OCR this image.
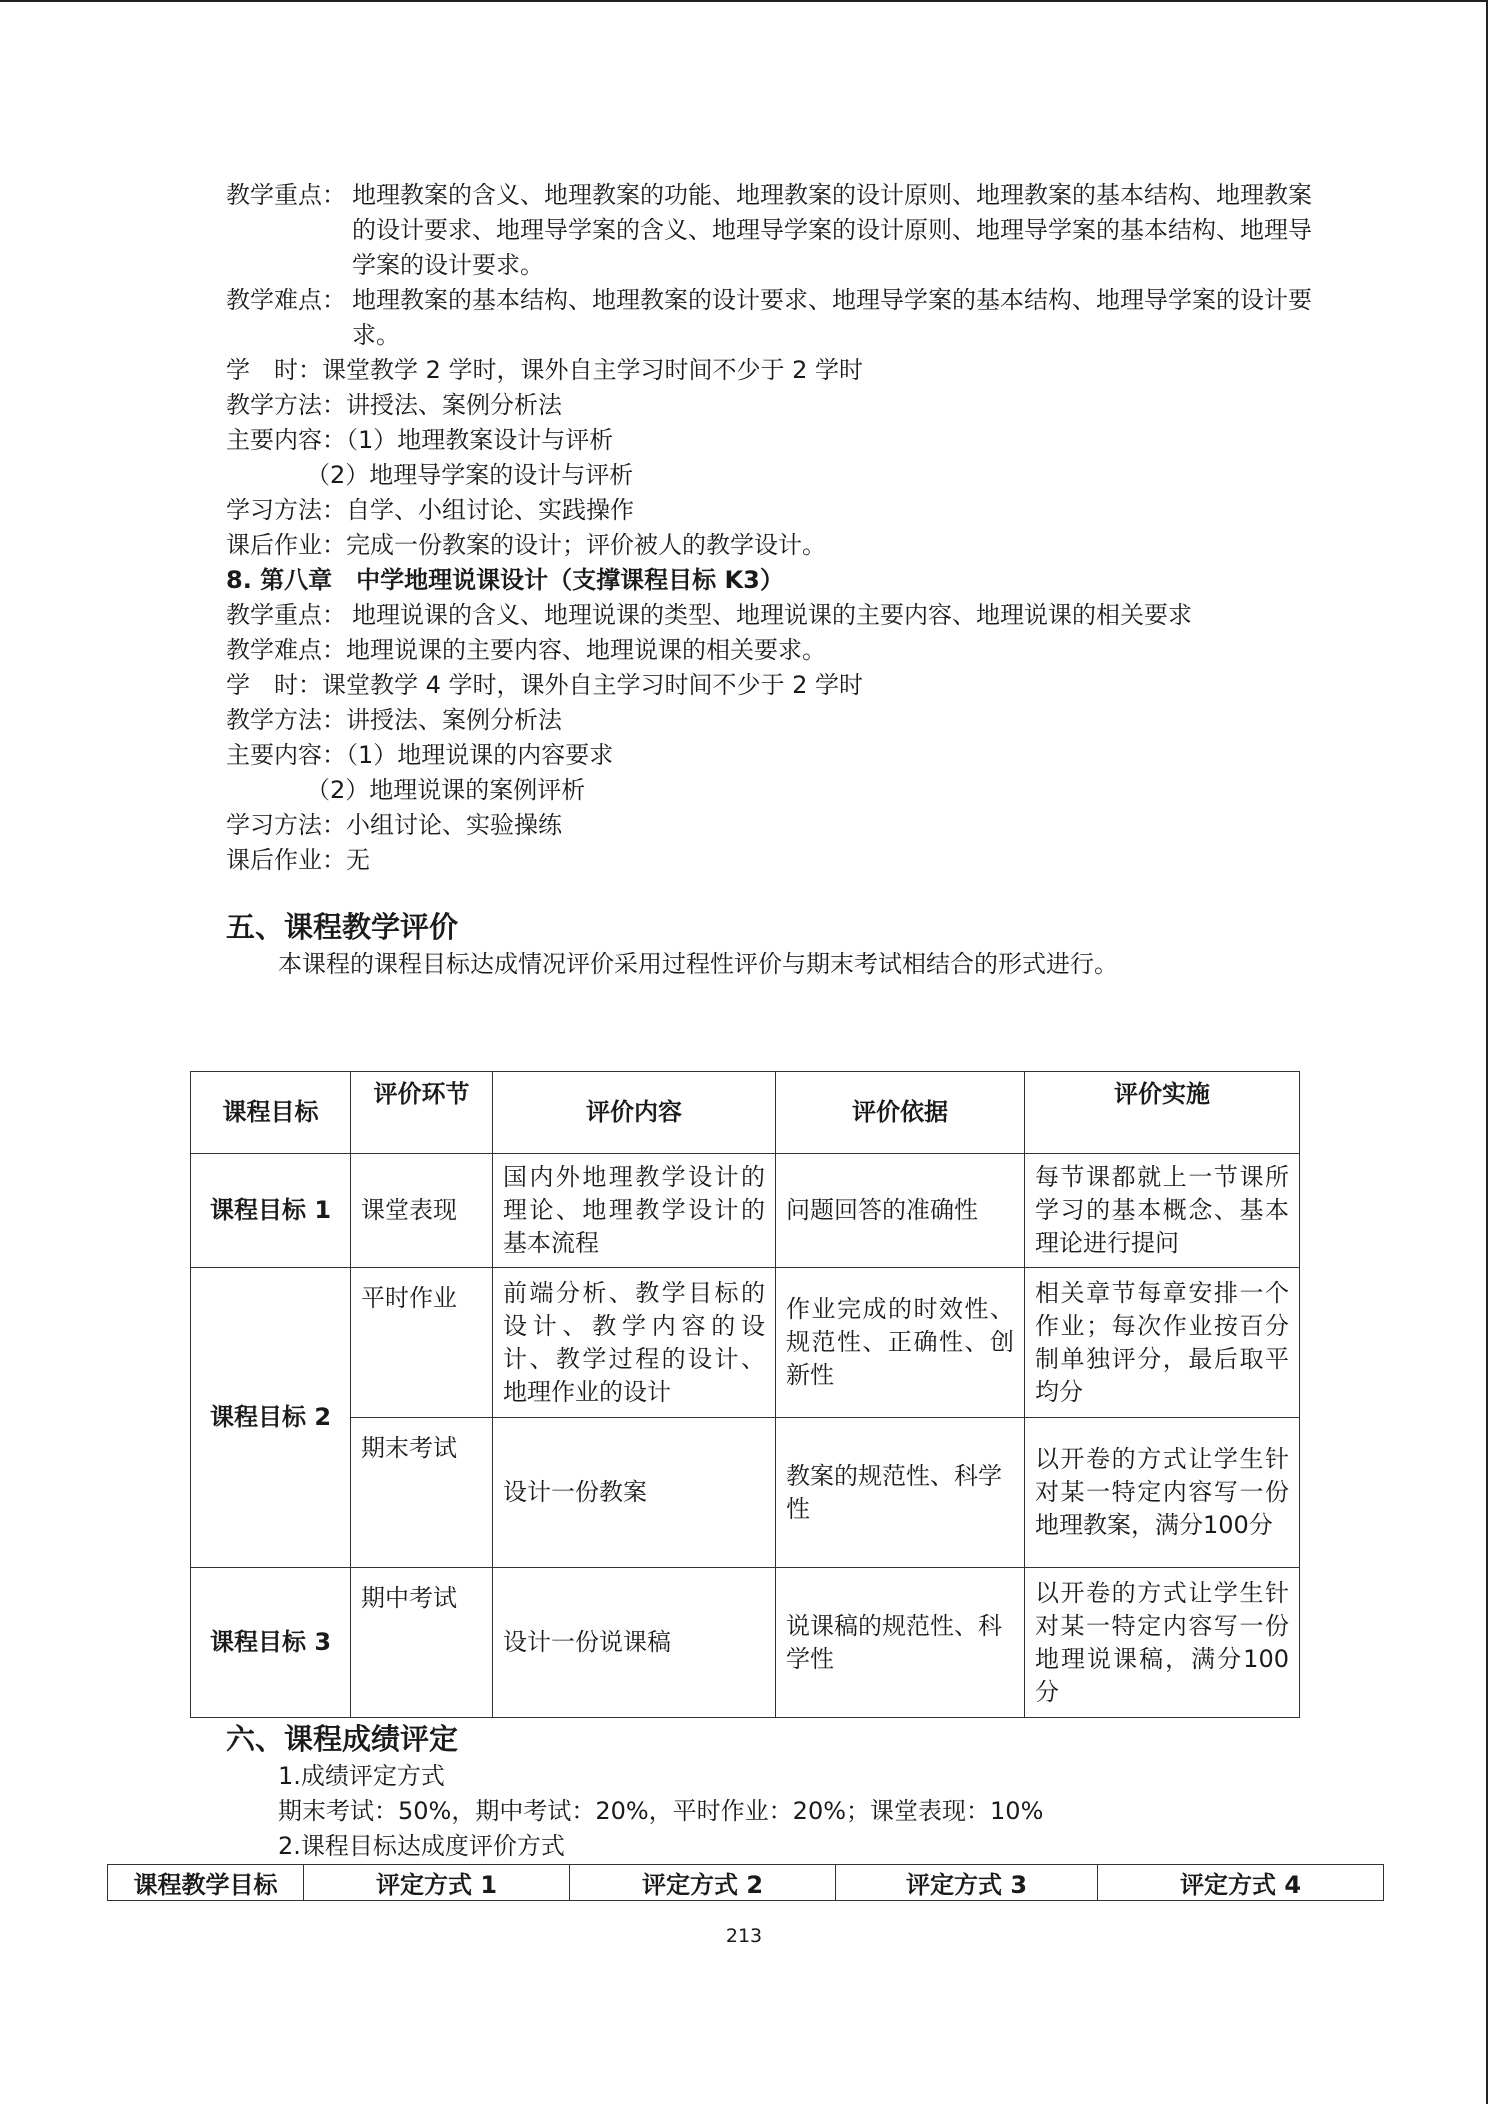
教学重点： 地理教案的含义、地理教案的功能、地理教案的设计原则、地理教案的基本结构、地理教案的设计要求、地理导学案的含义、地理导学案的设计原则、地理导学案的基本结构、地理导学案的设计要求。
教学难点： 地理教案的基本结构、地理教案的设计要求、地理导学案的基本结构、地理导学案的设计要求。
学　时：课堂教学 2 学时，课外自主学习时间不少于 2 学时
教学方法：讲授法、案例分析法
主要内容：（1）地理教案设计与评析
（2）地理导学案的设计与评析
学习方法：自学、小组讨论、实践操作
课后作业：完成一份教案的设计；评价被人的教学设计。
8. 第八章　中学地理说课设计（支撑课程目标 K3）
教学重点： 地理说课的含义、地理说课的类型、地理说课的主要内容、地理说课的相关要求
教学难点：地理说课的主要内容、地理说课的相关要求。
学　时：课堂教学 4 学时，课外自主学习时间不少于 2 学时
教学方法：讲授法、案例分析法
主要内容：（1）地理说课的内容要求
（2）地理说课的案例评析
学习方法：小组讨论、实验操练
课后作业：无
五、课程教学评价
本课程的课程目标达成情况评价采用过程性评价与期末考试相结合的形式进行。
课程目标	评价环节	评价内容	评价依据	评价实施
课程目标 1	课堂表现	国内外地理教学设计的理论、地理教学设计的基本流程	问题回答的准确性	每节课都就上一节课所学习的基本概念、基本理论进行提问
课程目标 2	平时作业	前端分析、教学目标的设计、教学内容的设计、教学过程的设计、地理作业的设计	作业完成的时效性、规范性、正确性、创新性	相关章节每章安排一个作业；每次作业按百分制单独评分，最后取平均分
	期末考试	设计一份教案	教案的规范性、科学性	以开卷的方式让学生针对某一特定内容写一份地理教案，满分100分
课程目标 3	期中考试	设计一份说课稿	说课稿的规范性、科学性	以开卷的方式让学生针对某一特定内容写一份地理说课稿，满分100分
六、课程成绩评定
1.成绩评定方式
期末考试：50%，期中考试：20%，平时作业：20%；课堂表现：10%
2.课程目标达成度评价方式
课程教学目标	评定方式 1	评定方式 2	评定方式 3	评定方式 4
213
